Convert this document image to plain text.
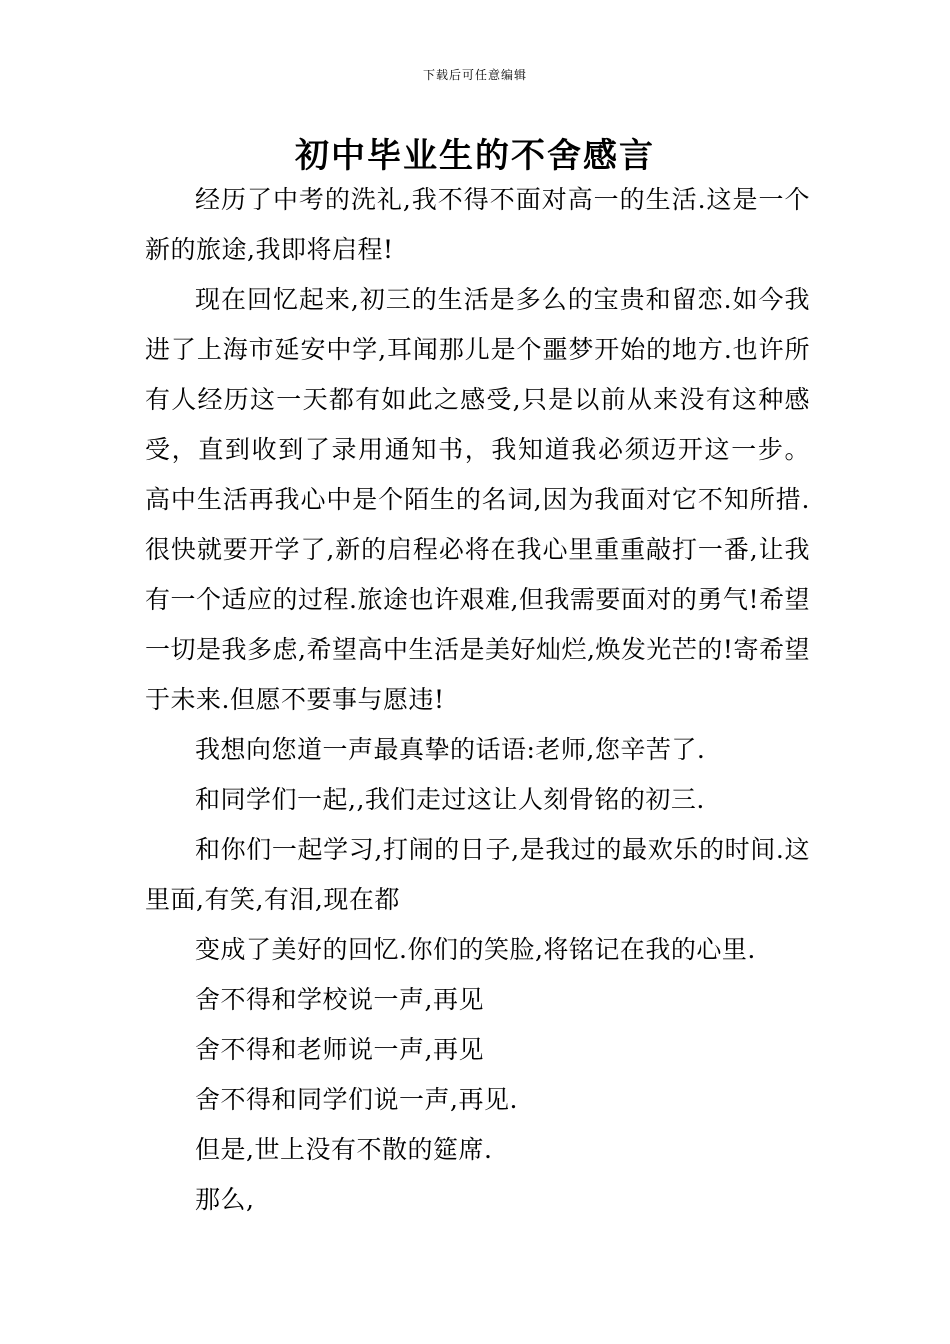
下载后可任意编辑
初中毕业生的不舍感言

经历了中考的洗礼,我不得不面对高一的生活.这是一个新的旅途,我即将启程!

现在回忆起来,初三的生活是多么的宝贵和留恋.如今我进了上海市延安中学,耳闻那儿是个噩梦开始的地方.也许所有人经历这一天都有如此之感受,只是以前从来没有这种感受，直到收到了录用通知书，我知道我必须迈开这一步。 高中生活再我心中是个陌生的名词,因为我面对它不知所措.很快就要开学了,新的启程必将在我心里重重敲打一番,让我有一个适应的过程.旅途也许艰难,但我需要面对的勇气!希望一切是我多虑,希望高中生活是美好灿烂,焕发光芒的!寄希望于未来.但愿不要事与愿违!

我想向您道一声最真挚的话语:老师,您辛苦了.

和同学们一起,,我们走过这让人刻骨铭的初三.

和你们一起学习,打闹的日子,是我过的最欢乐的时间.这里面,有笑,有泪,现在都

变成了美好的回忆.你们的笑脸,将铭记在我的心里.

舍不得和学校说一声,再见

舍不得和老师说一声,再见

舍不得和同学们说一声,再见.

但是,世上没有不散的筵席.

那么,
